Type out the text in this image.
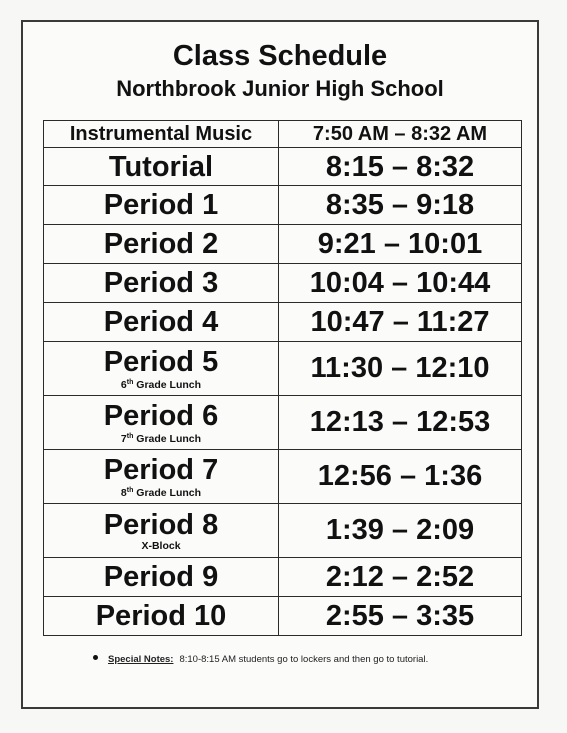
Class Schedule
Northbrook Junior High School
Instrumental Music	7:50 AM – 8:32 AM
Tutorial	8:15 – 8:32
Period 1	8:35 – 9:18
Period 2	9:21 – 10:01
Period 3	10:04 – 10:44
Period 4	10:47 – 11:27

Period 5
6th Grade Lunch	11:30 – 12:10

Period 6
7th Grade Lunch	12:13 – 12:53

Period 7
8th Grade Lunch	12:56 – 1:36

Period 8
X-Block	1:39 – 2:09
Period 9	2:12 – 2:52
Period 10	2:55 – 3:35
Special Notes: 8:10-8:15 AM students go to lockers and then go to tutorial.
